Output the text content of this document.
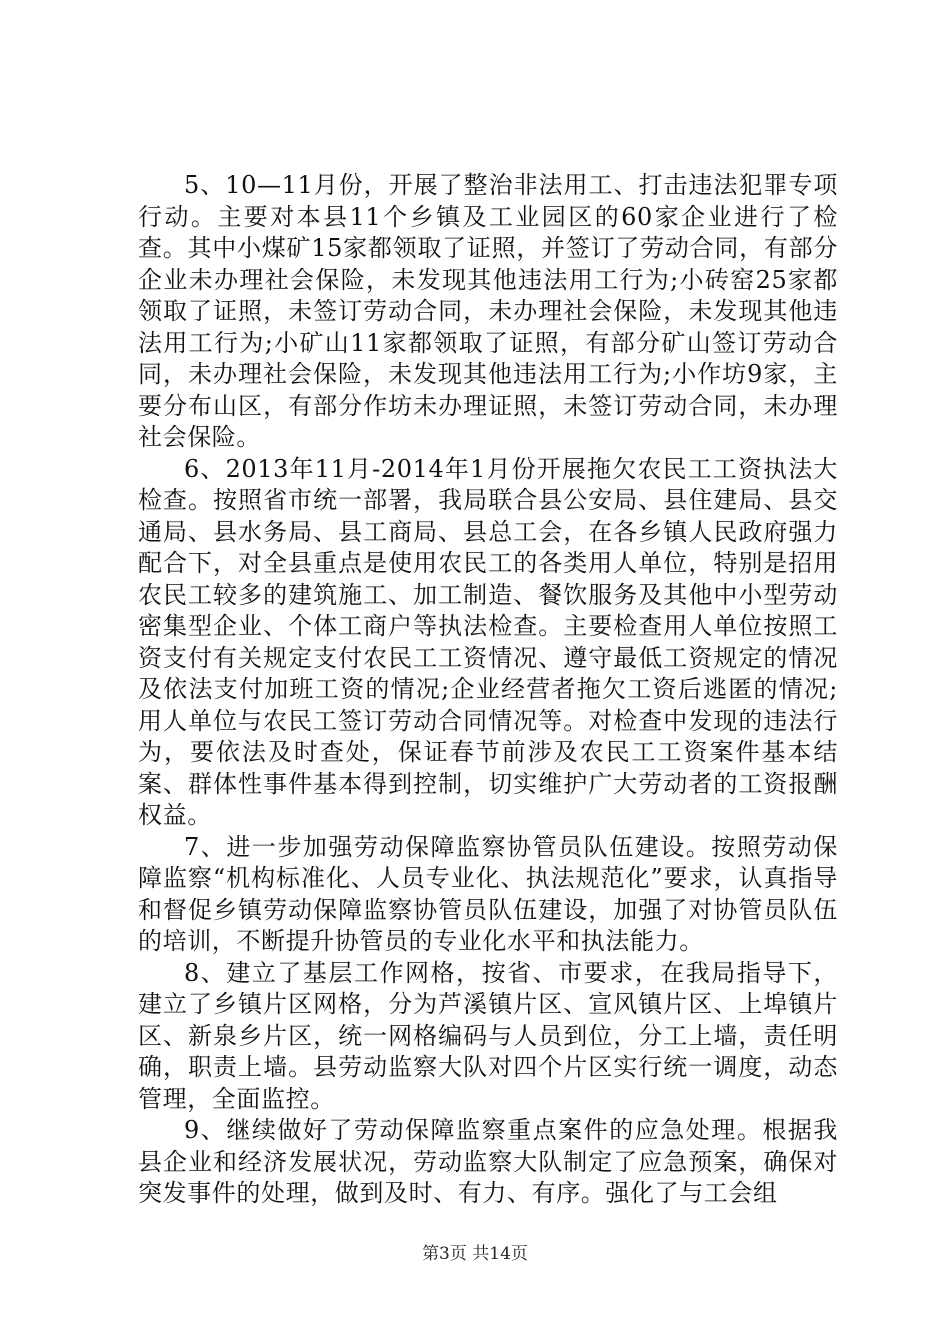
5、10—11月份，开展了整治非法用工、打击违法犯罪专项行动。主要对本县11个乡镇及工业园区的60家企业进行了检查。其中小煤矿15家都领取了证照，并签订了劳动合同，有部分企业未办理社会保险，未发现其他违法用工行为;小砖窑25家都领取了证照，未签订劳动合同，未办理社会保险，未发现其他违法用工行为;小矿山11家都领取了证照，有部分矿山签订劳动合同，未办理社会保险，未发现其他违法用工行为;小作坊9家，主要分布山区，有部分作坊未办理证照，未签订劳动合同，未办理社会保险。

6、2013年11月-2014年1月份开展拖欠农民工工资执法大检查。按照省市统一部署，我局联合县公安局、县住建局、县交通局、县水务局、县工商局、县总工会，在各乡镇人民政府强力配合下，对全县重点是使用农民工的各类用人单位，特别是招用农民工较多的建筑施工、加工制造、餐饮服务及其他中小型劳动密集型企业、个体工商户等执法检查。主要检查用人单位按照工资支付有关规定支付农民工工资情况、遵守最低工资规定的情况及依法支付加班工资的情况;企业经营者拖欠工资后逃匿的情况;用人单位与农民工签订劳动合同情况等。对检查中发现的违法行为，要依法及时查处，保证春节前涉及农民工工资案件基本结案、群体性事件基本得到控制，切实维护广大劳动者的工资报酬权益。

7、进一步加强劳动保障监察协管员队伍建设。按照劳动保障监察“机构标准化、人员专业化、执法规范化”要求，认真指导和督促乡镇劳动保障监察协管员队伍建设，加强了对协管员队伍的培训，不断提升协管员的专业化水平和执法能力。

8、建立了基层工作网格，按省、市要求，在我局指导下，建立了乡镇片区网格，分为芦溪镇片区、宣风镇片区、上埠镇片区、新泉乡片区，统一网格编码与人员到位，分工上墙，责任明确，职责上墙。县劳动监察大队对四个片区实行统一调度，动态管理，全面监控。

9、继续做好了劳动保障监察重点案件的应急处理。根据我县企业和经济发展状况，劳动监察大队制定了应急预案，确保对突发事件的处理，做到及时、有力、有序。强化了与工会组

第3页 共14页
